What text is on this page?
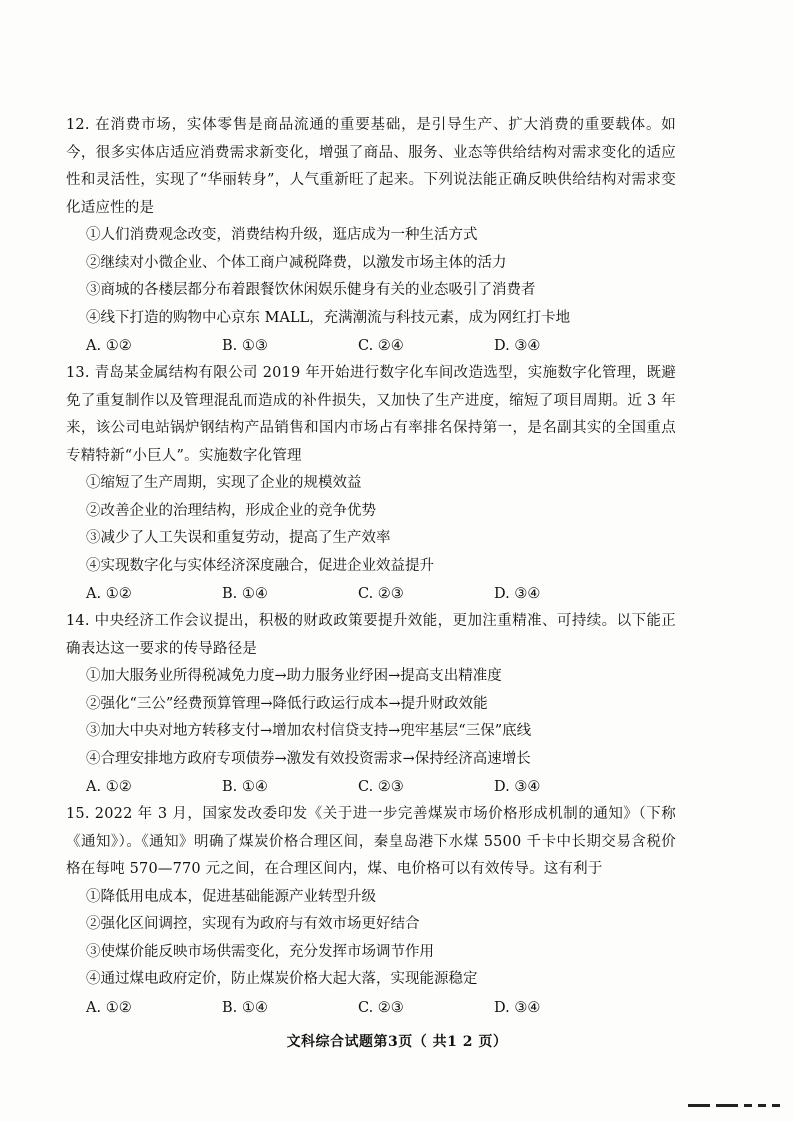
12. 在消费市场，实体零售是商品流通的重要基础，是引导生产、扩大消费的重要载体。如今，很多实体店适应消费需求新变化，增强了商品、服务、业态等供给结构对需求变化的适应性和灵活性，实现了“华丽转身”，人气重新旺了起来。下列说法能正确反映供给结构对需求变化适应性的是
①人们消费观念改变，消费结构升级，逛店成为一种生活方式
②继续对小微企业、个体工商户减税降费，以激发市场主体的活力
③商城的各楼层都分布着跟餐饮休闲娱乐健身有关的业态吸引了消费者
④线下打造的购物中心京东 MALL，充满潮流与科技元素，成为网红打卡地
A. ①②	B. ①③	C. ②④	D. ③④
13. 青岛某金属结构有限公司 2019 年开始进行数字化车间改造选型，实施数字化管理，既避免了重复制作以及管理混乱而造成的补件损失，又加快了生产进度，缩短了项目周期。近 3 年来，该公司电站锅炉钢结构产品销售和国内市场占有率排名保持第一，是名副其实的全国重点专精特新“小巨人”。实施数字化管理
①缩短了生产周期，实现了企业的规模效益
②改善企业的治理结构，形成企业的竞争优势
③减少了人工失误和重复劳动，提高了生产效率
④实现数字化与实体经济深度融合，促进企业效益提升
A. ①②	B. ①④	C. ②③	D. ③④
14. 中央经济工作会议提出，积极的财政政策要提升效能，更加注重精准、可持续。以下能正确表达这一要求的传导路径是
①加大服务业所得税减免力度→助力服务业纾困→提高支出精准度
②强化“三公”经费预算管理→降低行政运行成本→提升财政效能
③加大中央对地方转移支付→增加农村信贷支持→兜牢基层“三保”底线
④合理安排地方政府专项债券→激发有效投资需求→保持经济高速增长
A. ①②	B. ①④	C. ②③	D. ③④
15. 2022 年 3 月，国家发改委印发《关于进一步完善煤炭市场价格形成机制的通知》（下称《通知》）。《通知》明确了煤炭价格合理区间，秦皇岛港下水煤 5500 千卡中长期交易含税价格在每吨 570—770 元之间，在合理区间内，煤、电价格可以有效传导。这有利于
①降低用电成本，促进基础能源产业转型升级
②强化区间调控，实现有为政府与有效市场更好结合
③使煤价能反映市场供需变化，充分发挥市场调节作用
④通过煤电政府定价，防止煤炭价格大起大落，实现能源稳定
A. ①②	B. ①④	C. ②③	D. ③④
文科综合试题第3页（ 共1 2 页）
